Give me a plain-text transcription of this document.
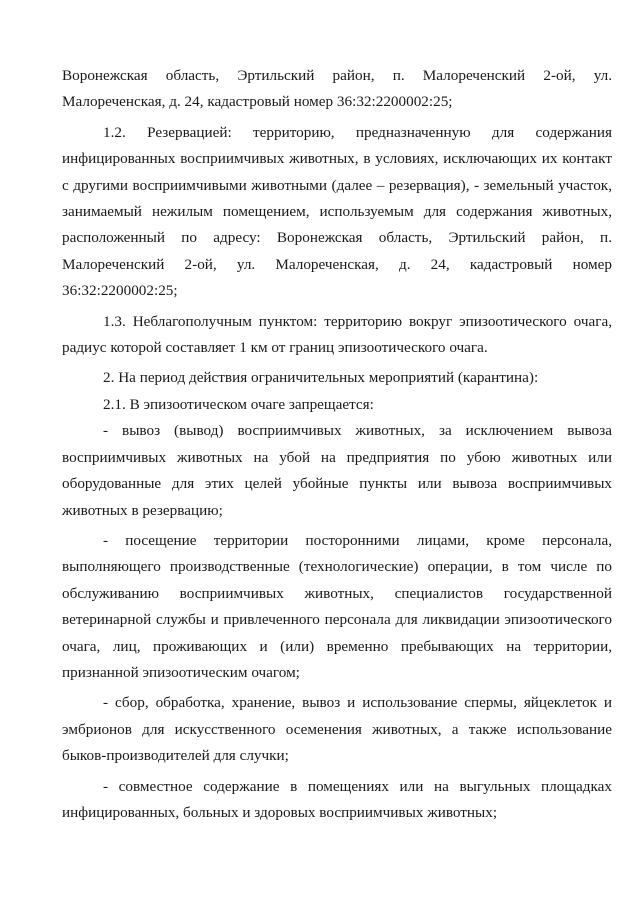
Воронежская область, Эртильский район, п. Малореченский 2-ой, ул. Малореченская, д. 24, кадастровый номер 36:32:2200002:25;

1.2. Резервацией: территорию, предназначенную для содержания инфицированных восприимчивых животных, в условиях, исключающих их контакт с другими восприимчивыми животными (далее – резервация), - земельный участок, занимаемый нежилым помещением, используемым для содержания животных, расположенный по адресу: Воронежская область, Эртильский район, п. Малореченский 2-ой, ул. Малореченская, д. 24, кадастровый номер 36:32:2200002:25;

1.3. Неблагополучным пунктом: территорию вокруг эпизоотического очага, радиус которой составляет 1 км от границ эпизоотического очага.

2. На период действия ограничительных мероприятий (карантина):

2.1. В эпизоотическом очаге запрещается:

- вывоз (вывод) восприимчивых животных, за исключением вывоза восприимчивых животных на убой на предприятия по убою животных или оборудованные для этих целей убойные пункты или вывоза восприимчивых животных в резервацию;

- посещение территории посторонними лицами, кроме персонала, выполняющего производственные (технологические) операции, в том числе по обслуживанию восприимчивых животных, специалистов государственной ветеринарной службы и привлеченного персонала для ликвидации эпизоотического очага, лиц, проживающих и (или) временно пребывающих на территории, признанной эпизоотическим очагом;

- сбор, обработка, хранение, вывоз и использование спермы, яйцеклеток и эмбрионов для искусственного осеменения животных, а также использование быков-производителей для случки;

- совместное содержание в помещениях или на выгульных площадках инфицированных, больных и здоровых восприимчивых животных;
